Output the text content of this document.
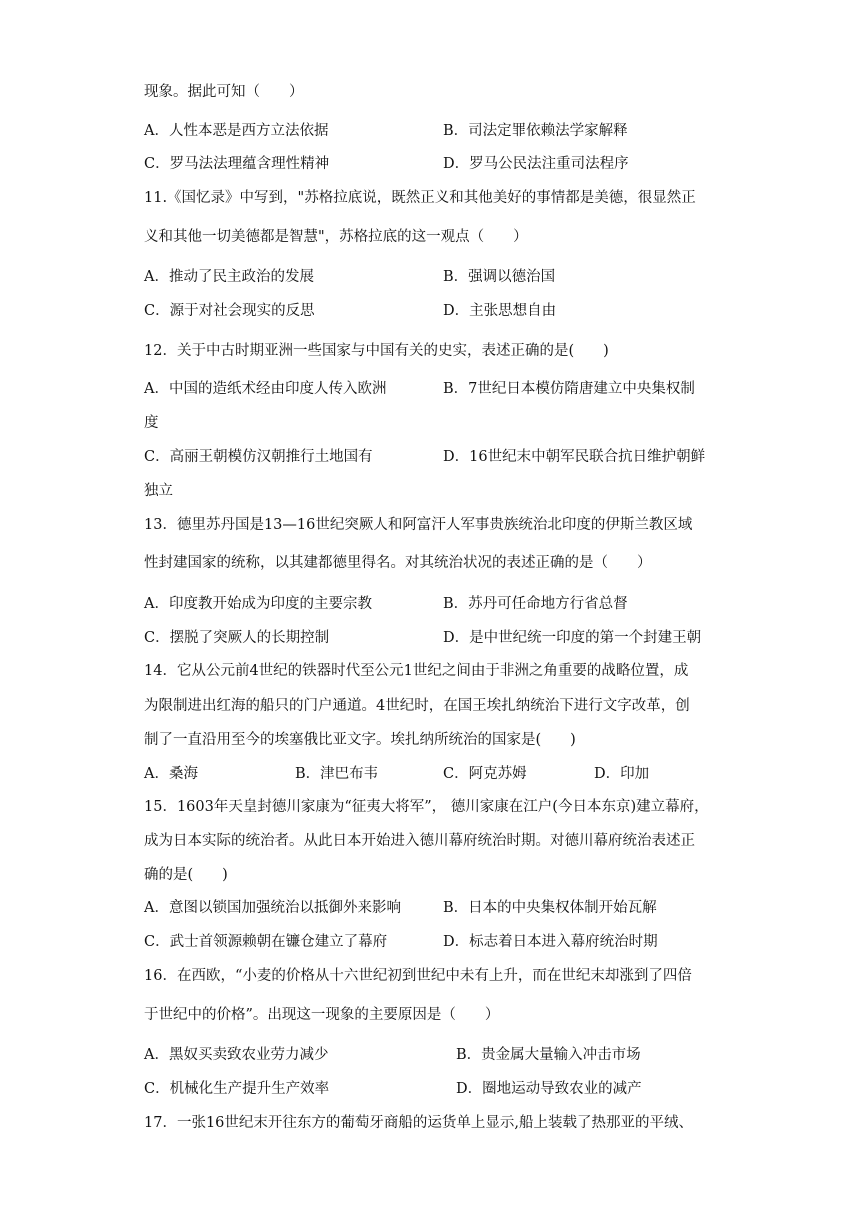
现象。据此可知（　　）
A．人性本恶是西方立法依据	B．司法定罪依赖法学家解释
C．罗马法法理蕴含理性精神	D．罗马公民法注重司法程序
11.《国忆录》中写到，"苏格拉底说，既然正义和其他美好的事情都是美德，很显然正
义和其他一切美德都是智慧"，苏格拉底的这一观点（　　）
A．推动了民主政治的发展	B．强调以德治国
C．源于对社会现实的反思	D．主张思想自由
12．关于中古时期亚洲一些国家与中国有关的史实，表述正确的是(　　)
A．中国的造纸术经由印度人传入欧洲	B．7世纪日本模仿隋唐建立中央集权制
度
C．高丽王朝模仿汉朝推行土地国有	D．16世纪末中朝军民联合抗日维护朝鲜
独立
13．德里苏丹国是13—16世纪突厥人和阿富汗人军事贵族统治北印度的伊斯兰教区域
性封建国家的统称，以其建都德里得名。对其统治状况的表述正确的是（　　）
A．印度教开始成为印度的主要宗教	B．苏丹可任命地方行省总督
C．摆脱了突厥人的长期控制	D．是中世纪统一印度的第一个封建王朝
14．它从公元前4世纪的铁器时代至公元1世纪之间由于非洲之角重要的战略位置，成
为限制进出红海的船只的门户通道。4世纪时，在国王埃扎纳统治下进行文字改革，创
制了一直沿用至今的埃塞俄比亚文字。埃扎纳所统治的国家是(　　)
A．桑海	B．津巴布韦	C．阿克苏姆	D．印加
15．1603年天皇封德川家康为“征夷大将军”， 德川家康在江户(今日本东京)建立幕府，
成为日本实际的统治者。从此日本开始进入德川幕府统治时期。对德川幕府统治表述正
确的是(　　)
A．意图以锁国加强统治以抵御外来影响	B．日本的中央集权体制开始瓦解
C．武士首领源赖朝在镰仓建立了幕府	D．标志着日本进入幕府统治时期
16．在西欧，“小麦的价格从十六世纪初到世纪中未有上升，而在世纪末却涨到了四倍
于世纪中的价格”。出现这一现象的主要原因是（　　）
A．黑奴买卖致农业劳力减少	B．贵金属大量输入冲击市场
C．机械化生产提升生产效率	D．圈地运动导致农业的减产
17．一张16世纪末开往东方的葡萄牙商船的运货单上显示,船上装载了热那亚的平绒、
